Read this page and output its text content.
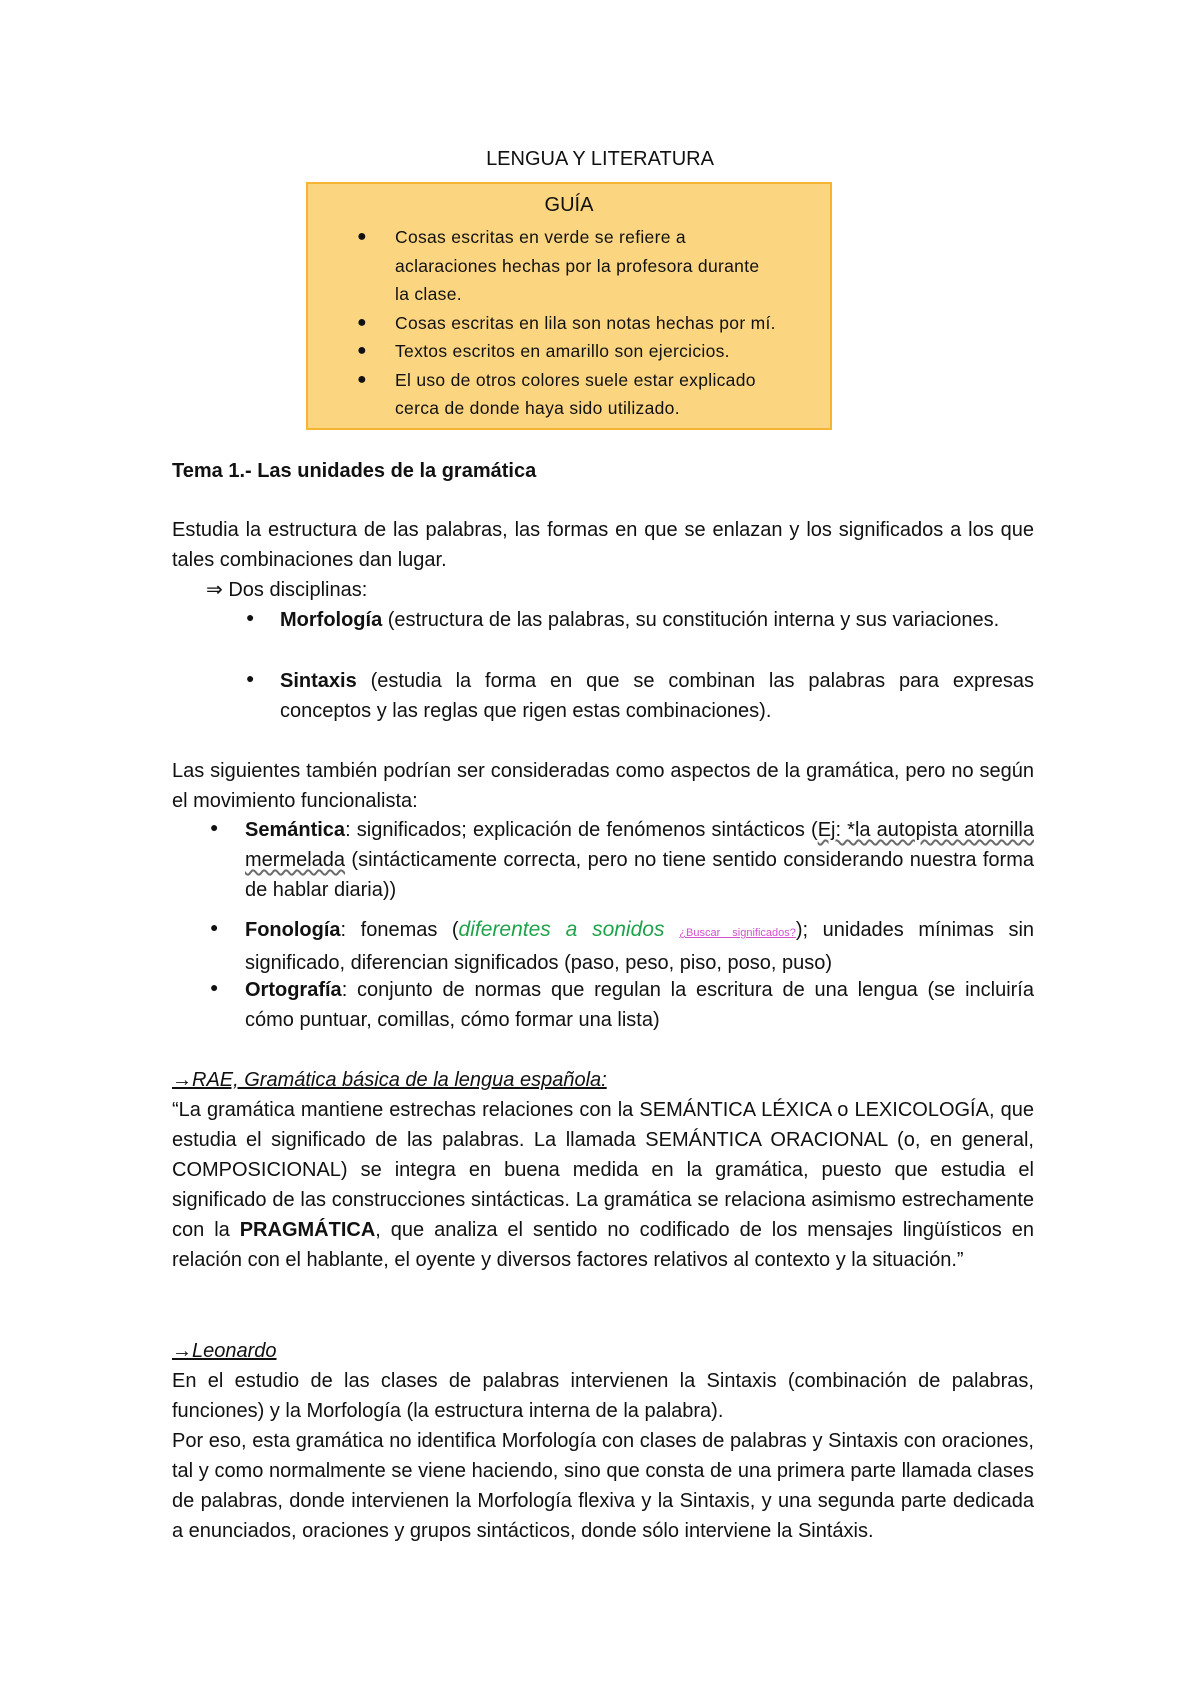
LENGUA Y LITERATURA
GUÍA
● Cosas escritas en verde se refiere a
aclaraciones hechas por la profesora durante
la clase.
● Cosas escritas en lila son notas hechas por mí.
● Textos escritos en amarillo son ejercicios.
● El uso de otros colores suele estar explicado
cerca de donde haya sido utilizado.
Tema 1.- Las unidades de la gramática
Estudia la estructura de las palabras, las formas en que se enlazan y los significados a los que tales combinaciones dan lugar.
⇒ Dos disciplinas:
● Morfología (estructura de las palabras, su constitución interna y sus variaciones.
● Sintaxis (estudia la forma en que se combinan las palabras para expresas conceptos y las reglas que rigen estas combinaciones).
Las siguientes también podrían ser consideradas como aspectos de la gramática, pero no según el movimiento funcionalista:
● Semántica: significados; explicación de fenómenos sintácticos (Ej: *la autopista atornilla mermelada (sintácticamente correcta, pero no tiene sentido considerando nuestra forma de hablar diaria))
● Fonología: fonemas (diferentes a sonidos ¿Buscar significados?); unidades mínimas sin significado, diferencian significados (paso, peso, piso, poso, puso)
● Ortografía: conjunto de normas que regulan la escritura de una lengua (se incluiría cómo puntuar, comillas, cómo formar una lista)
→RAE, Gramática básica de la lengua española:
“La gramática mantiene estrechas relaciones con la SEMÁNTICA LÉXICA o LEXICOLOGÍA, que estudia el significado de las palabras. La llamada SEMÁNTICA ORACIONAL (o, en general, COMPOSICIONAL) se integra en buena medida en la gramática, puesto que estudia el significado de las construcciones sintácticas. La gramática se relaciona asimismo estrechamente con la PRAGMÁTICA, que analiza el sentido no codificado de los mensajes lingüísticos en relación con el hablante, el oyente y diversos factores relativos al contexto y la situación.”
→Leonardo
En el estudio de las clases de palabras intervienen la Sintaxis (combinación de palabras, funciones) y la Morfología (la estructura interna de la palabra).
Por eso, esta gramática no identifica Morfología con clases de palabras y Sintaxis con oraciones, tal y como normalmente se viene haciendo, sino que consta de una primera parte llamada clases de palabras, donde intervienen la Morfología flexiva y la Sintaxis, y una segunda parte dedicada a enunciados, oraciones y grupos sintácticos, donde sólo interviene la Sintáxis.
